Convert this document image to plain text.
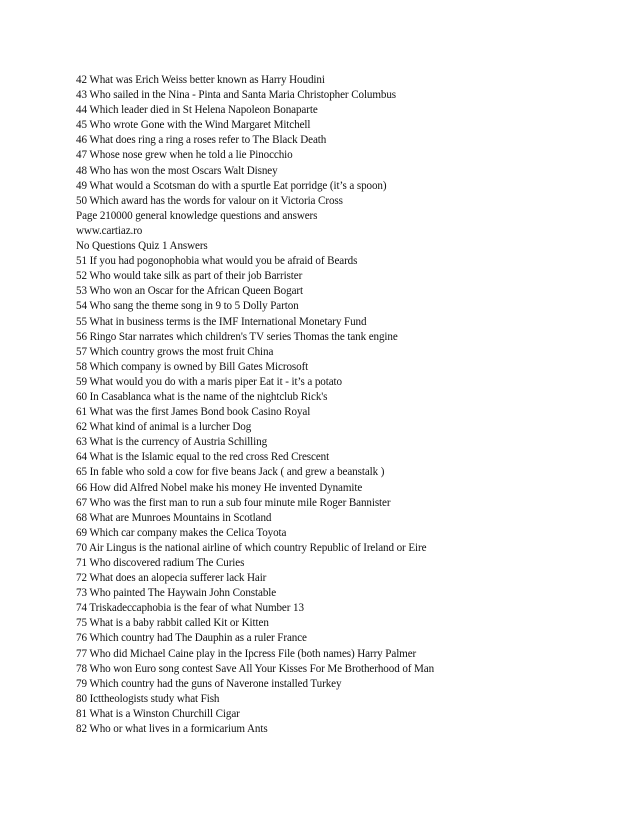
42 What was Erich Weiss better known as Harry Houdini
43 Who sailed in the Nina - Pinta and Santa Maria Christopher Columbus
44 Which leader died in St Helena Napoleon Bonaparte
45 Who wrote Gone with the Wind Margaret Mitchell
46 What does ring a ring a roses refer to The Black Death
47 Whose nose grew when he told a lie Pinocchio
48 Who has won the most Oscars Walt Disney
49 What would a Scotsman do with a spurtle Eat porridge (it’s a spoon)
50 Which award has the words for valour on it Victoria Cross
Page 210000 general knowledge questions and answers
www.cartiaz.ro
No Questions Quiz 1 Answers
51 If you had pogonophobia what would you be afraid of Beards
52 Who would take silk as part of their job Barrister
53 Who won an Oscar for the African Queen Bogart
54 Who sang the theme song in 9 to 5 Dolly Parton
55 What in business terms is the IMF International Monetary Fund
56 Ringo Star narrates which children's TV series Thomas the tank engine
57 Which country grows the most fruit China
58 Which company is owned by Bill Gates Microsoft
59 What would you do with a maris piper Eat it - it’s a potato
60 In Casablanca what is the name of the nightclub Rick's
61 What was the first James Bond book Casino Royal
62 What kind of animal is a lurcher Dog
63 What is the currency of Austria Schilling
64 What is the Islamic equal to the red cross Red Crescent
65 In fable who sold a cow for five beans Jack ( and grew a beanstalk )
66 How did Alfred Nobel make his money He invented Dynamite
67 Who was the first man to run a sub four minute mile Roger Bannister
68 What are Munroes Mountains in Scotland
69 Which car company makes the Celica Toyota
70 Air Lingus is the national airline of which country Republic of Ireland or Eire
71 Who discovered radium The Curies
72 What does an alopecia sufferer lack Hair
73 Who painted The Haywain John Constable
74 Triskadeccaphobia is the fear of what Number 13
75 What is a baby rabbit called Kit or Kitten
76 Which country had The Dauphin as a ruler France
77 Who did Michael Caine play in the Ipcress File (both names) Harry Palmer
78 Who won Euro song contest Save All Your Kisses For Me Brotherhood of Man
79 Which country had the guns of Naverone installed Turkey
80 Icttheologists study what Fish
81 What is a Winston Churchill Cigar
82 Who or what lives in a formicarium Ants
